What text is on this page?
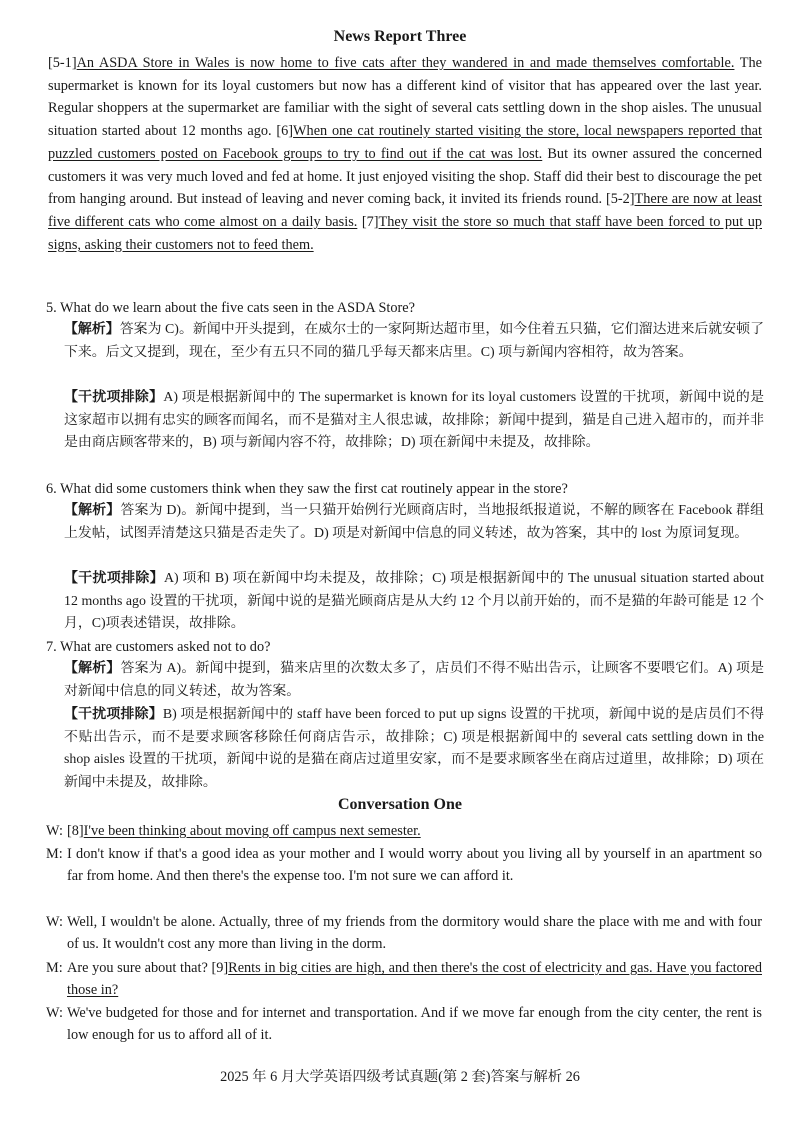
News Report Three
[5-1]An ASDA Store in Wales is now home to five cats after they wandered in and made themselves comfortable. The supermarket is known for its loyal customers but now has a different kind of visitor that has appeared over the last year. Regular shoppers at the supermarket are familiar with the sight of several cats settling down in the shop aisles. The unusual situation started about 12 months ago. [6]When one cat routinely started visiting the store, local newspapers reported that puzzled customers posted on Facebook groups to try to find out if the cat was lost. But its owner assured the concerned customers it was very much loved and fed at home. It just enjoyed visiting the shop. Staff did their best to discourage the pet from hanging around. But instead of leaving and never coming back, it invited its friends round. [5-2]There are now at least five different cats who come almost on a daily basis. [7]They visit the store so much that staff have been forced to put up signs, asking their customers not to feed them.
5. What do we learn about the five cats seen in the ASDA Store?
【解析】答案为 C)。新闻中开头提到，在威尔士的一家阿斯达超市里，如今住着五只猫，它们溜达进来后就安顿了下来。后文又提到，现在，至少有五只不同的猫几乎每天都来店里。C) 项与新闻内容相符，故为答案。
【干扰项排除】A) 项是根据新闻中的 The supermarket is known for its loyal customers 设置的干扰项，新闻中说的是这家超市以拥有忠实的顾客而闻名，而不是猫对主人很忠诚，故排除；新闻中提到，猫是自己进入超市的，而并非是由商店顾客带来的，B) 项与新闻内容不符，故排除；D) 项在新闻中未提及，故排除。
6. What did some customers think when they saw the first cat routinely appear in the store?
【解析】答案为 D)。新闻中提到，当一只猫开始例行光顾商店时，当地报纸报道说，不解的顾客在 Facebook 群组上发帖，试图弄清楚这只猫是否走失了。D) 项是对新闻中信息的同义转述，故为答案，其中的 lost 为原词复现。
【干扰项排除】A) 项和 B) 项在新闻中均未提及，故排除；C) 项是根据新闻中的 The unusual situation started about 12 months ago 设置的干扰项，新闻中说的是猫光顾商店是从大约 12 个月以前开始的，而不是猫的年龄可能是 12 个月，C)项表述错误，故排除。
7. What are customers asked not to do?
【解析】答案为 A)。新闻中提到，猫来店里的次数太多了，店员们不得不贴出告示，让顾客不要喂它们。A) 项是对新闻中信息的同义转述，故为答案。
【干扰项排除】B) 项是根据新闻中的 staff have been forced to put up signs 设置的干扰项，新闻中说的是店员们不得不贴出告示，而不是要求顾客移除任何商店告示，故排除；C) 项是根据新闻中的 several cats settling down in the shop aisles 设置的干扰项，新闻中说的是猫在商店过道里安家，而不是要求顾客坐在商店过道里，故排除；D) 项在新闻中未提及，故排除。
Conversation One
W: [8]I've been thinking about moving off campus next semester.
M: I don't know if that's a good idea as your mother and I would worry about you living all by yourself in an apartment so far from home. And then there's the expense too. I'm not sure we can afford it.
W: Well, I wouldn't be alone. Actually, three of my friends from the dormitory would share the place with me and with four of us. It wouldn't cost any more than living in the dorm.
M: Are you sure about that? [9]Rents in big cities are high, and then there's the cost of electricity and gas. Have you factored those in?
W: We've budgeted for those and for internet and transportation. And if we move far enough from the city center, the rent is low enough for us to afford all of it.
2025 年 6 月大学英语四级考试真题(第 2 套)答案与解析 26
